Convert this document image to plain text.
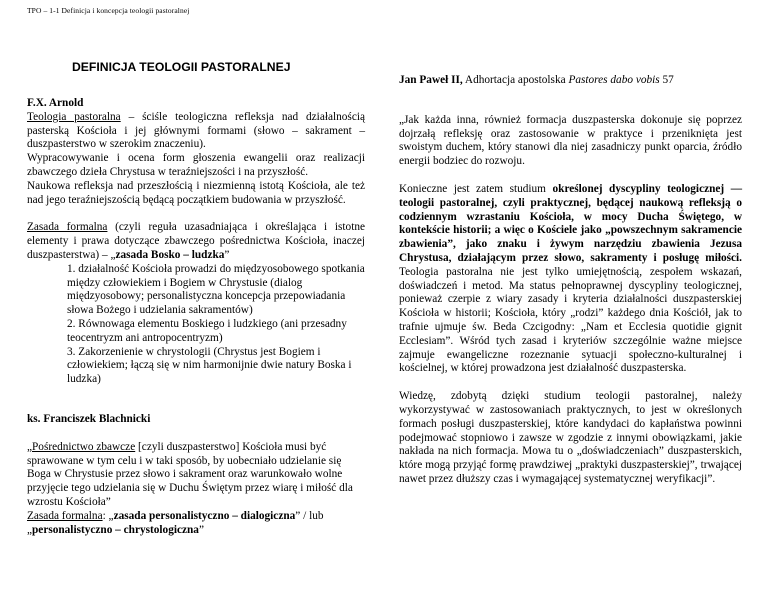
TPO – 1-1 Definicja i koncepcja teologii pastoralnej
DEFINICJA TEOLOGII PASTORALNEJ

F.X. Arnold

Teologia pastoralna – ściśle teologiczna refleksja nad działalnością pasterską Kościoła i jej głównymi formami (słowo – sakrament – duszpasterstwo w szerokim znaczeniu).

Wypracowywanie i ocena form głoszenia ewangelii oraz realizacji zbawczego dzieła Chrystusa w teraźniejszości i na przyszłość.

Naukowa refleksja nad przeszłością i niezmienną istotą Kościoła, ale też nad jego teraźniejszością będącą początkiem budowania w przyszłość.

Zasada formalna (czyli reguła uzasadniająca i określająca i istotne elementy i prawa dotyczące zbawczego pośrednictwa Kościoła, inaczej duszpasterstwa) – „zasada Bosko – ludzka”

1. działalność Kościoła prowadzi do międzyosobowego spotkania między człowiekiem i Bogiem w Chrystusie (dialog międzyosobowy; personalistyczna koncepcja przepowiadania słowa Bożego i udzielania sakramentów)

2. Równowaga elementu Boskiego i ludzkiego (ani przesadny teocentryzm ani antropocentryzm)

3. Zakorzenienie w chrystologii (Chrystus jest Bogiem i człowiekiem; łączą się w nim harmonijnie dwie natury Boska i ludzka)

ks. Franciszek Blachnicki

„Pośrednictwo zbawcze [czyli duszpasterstwo] Kościoła musi być sprawowane w tym celu i w taki sposób, by uobecniało udzielanie się Boga w Chrystusie przez słowo i sakrament oraz warunkowało wolne przyjęcie tego udzielania się w Duchu Świętym przez wiarę i miłość dla wzrostu Kościoła”

Zasada formalna: „zasada personalistyczno – dialogiczna” / lub „personalistyczno – chrystologiczna”

Jan Paweł II, Adhortacja apostolska Pastores dabo vobis 57

„Jak każda inna, również formacja duszpasterska dokonuje się poprzez dojrzałą refleksję oraz zastosowanie w praktyce i przeniknięta jest swoistym duchem, który stanowi dla niej zasadniczy punkt oparcia, źródło energii bodziec do rozwoju.

Konieczne jest zatem studium określonej dyscypliny teologicznej — teologii pastoralnej, czyli praktycznej, będącej naukową refleksją o codziennym wzrastaniu Kościoła, w mocy Ducha Świętego, w kontekście historii; a więc o Kościele jako „powszechnym sakramencie zbawienia”, jako znaku i żywym narzędziu zbawienia Jezusa Chrystusa, działającym przez słowo, sakramenty i posługę miłości. Teologia pastoralna nie jest tylko umiejętnością, zespołem wskazań, doświadczeń i metod. Ma status pełnoprawnej dyscypliny teologicznej, ponieważ czerpie z wiary zasady i kryteria działalności duszpasterskiej Kościoła w historii; Kościoła, który „rodzi” każdego dnia Kościół, jak to trafnie ujmuje św. Beda Czcigodny: „Nam et Ecclesia quotidie gignit Ecclesiam”. Wśród tych zasad i kryteriów szczególnie ważne miejsce zajmuje ewangeliczne rozeznanie sytuacji społeczno-kulturalnej i kościelnej, w której prowadzona jest działalność duszpasterska.

Wiedzę, zdobytą dzięki studium teologii pastoralnej, należy wykorzystywać w zastosowaniach praktycznych, to jest w określonych formach posługi duszpasterskiej, które kandydaci do kapłaństwa powinni podejmować stopniowo i zawsze w zgodzie z innymi obowiązkami, jakie nakłada na nich formacja. Mowa tu o „doświadczeniach” duszpasterskich, które mogą przyjąć formę prawdziwej „praktyki duszpasterskiej”, trwającej nawet przez dłuższy czas i wymagającej systematycznej weryfikacji”.
